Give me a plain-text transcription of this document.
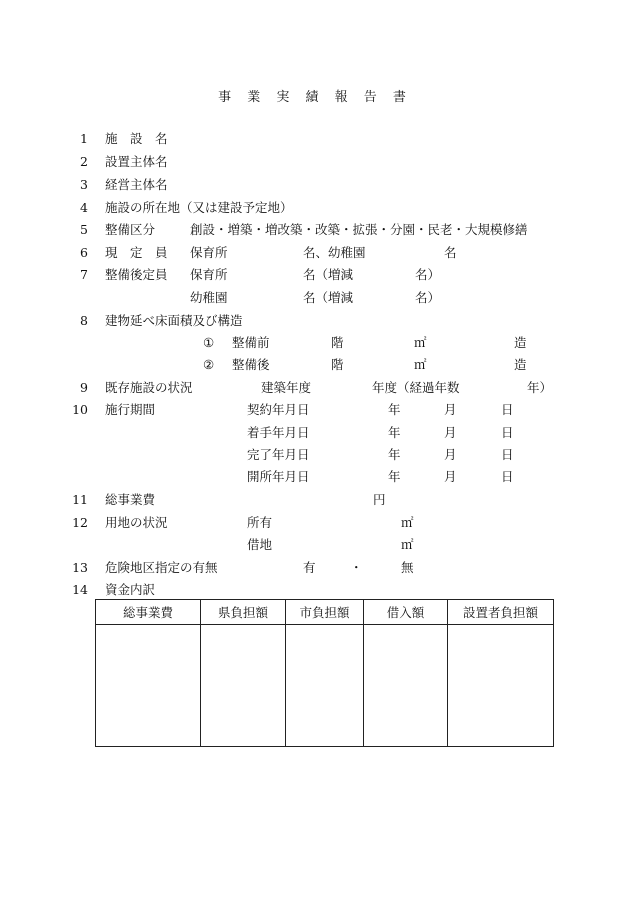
事 業 実 績 報 告 書
1 施　設　名
2 設置主体名
3 経営主体名
4 施設の所在地（又は建設予定地）
5 整備区分	創設・増築・増改築・改築・拡張・分園・民老・大規模修繕
6 現　定　員 保育所	名、幼稚園	名
7 整備後定員 保育所	名（増減	名）
幼稚園	名（増減	名）
8 建物延べ床面積及び構造
① 整備前	階	㎡	造
② 整備後	階	㎡	造
9 既存施設の状況	建築年度	年度（経過年数	年）
10 施行期間	契約年月日	年	月	日
着手年月日	年	月	日
完了年月日	年	月	日
開所年月日	年	月	日
11 総事業費	円
12 用地の状況	所有	㎡
借地	㎡
13 危険地区指定の有無	有	・	無
14 資金内訳
総事業費	県負担額	市負担額	借入額	設置者負担額
